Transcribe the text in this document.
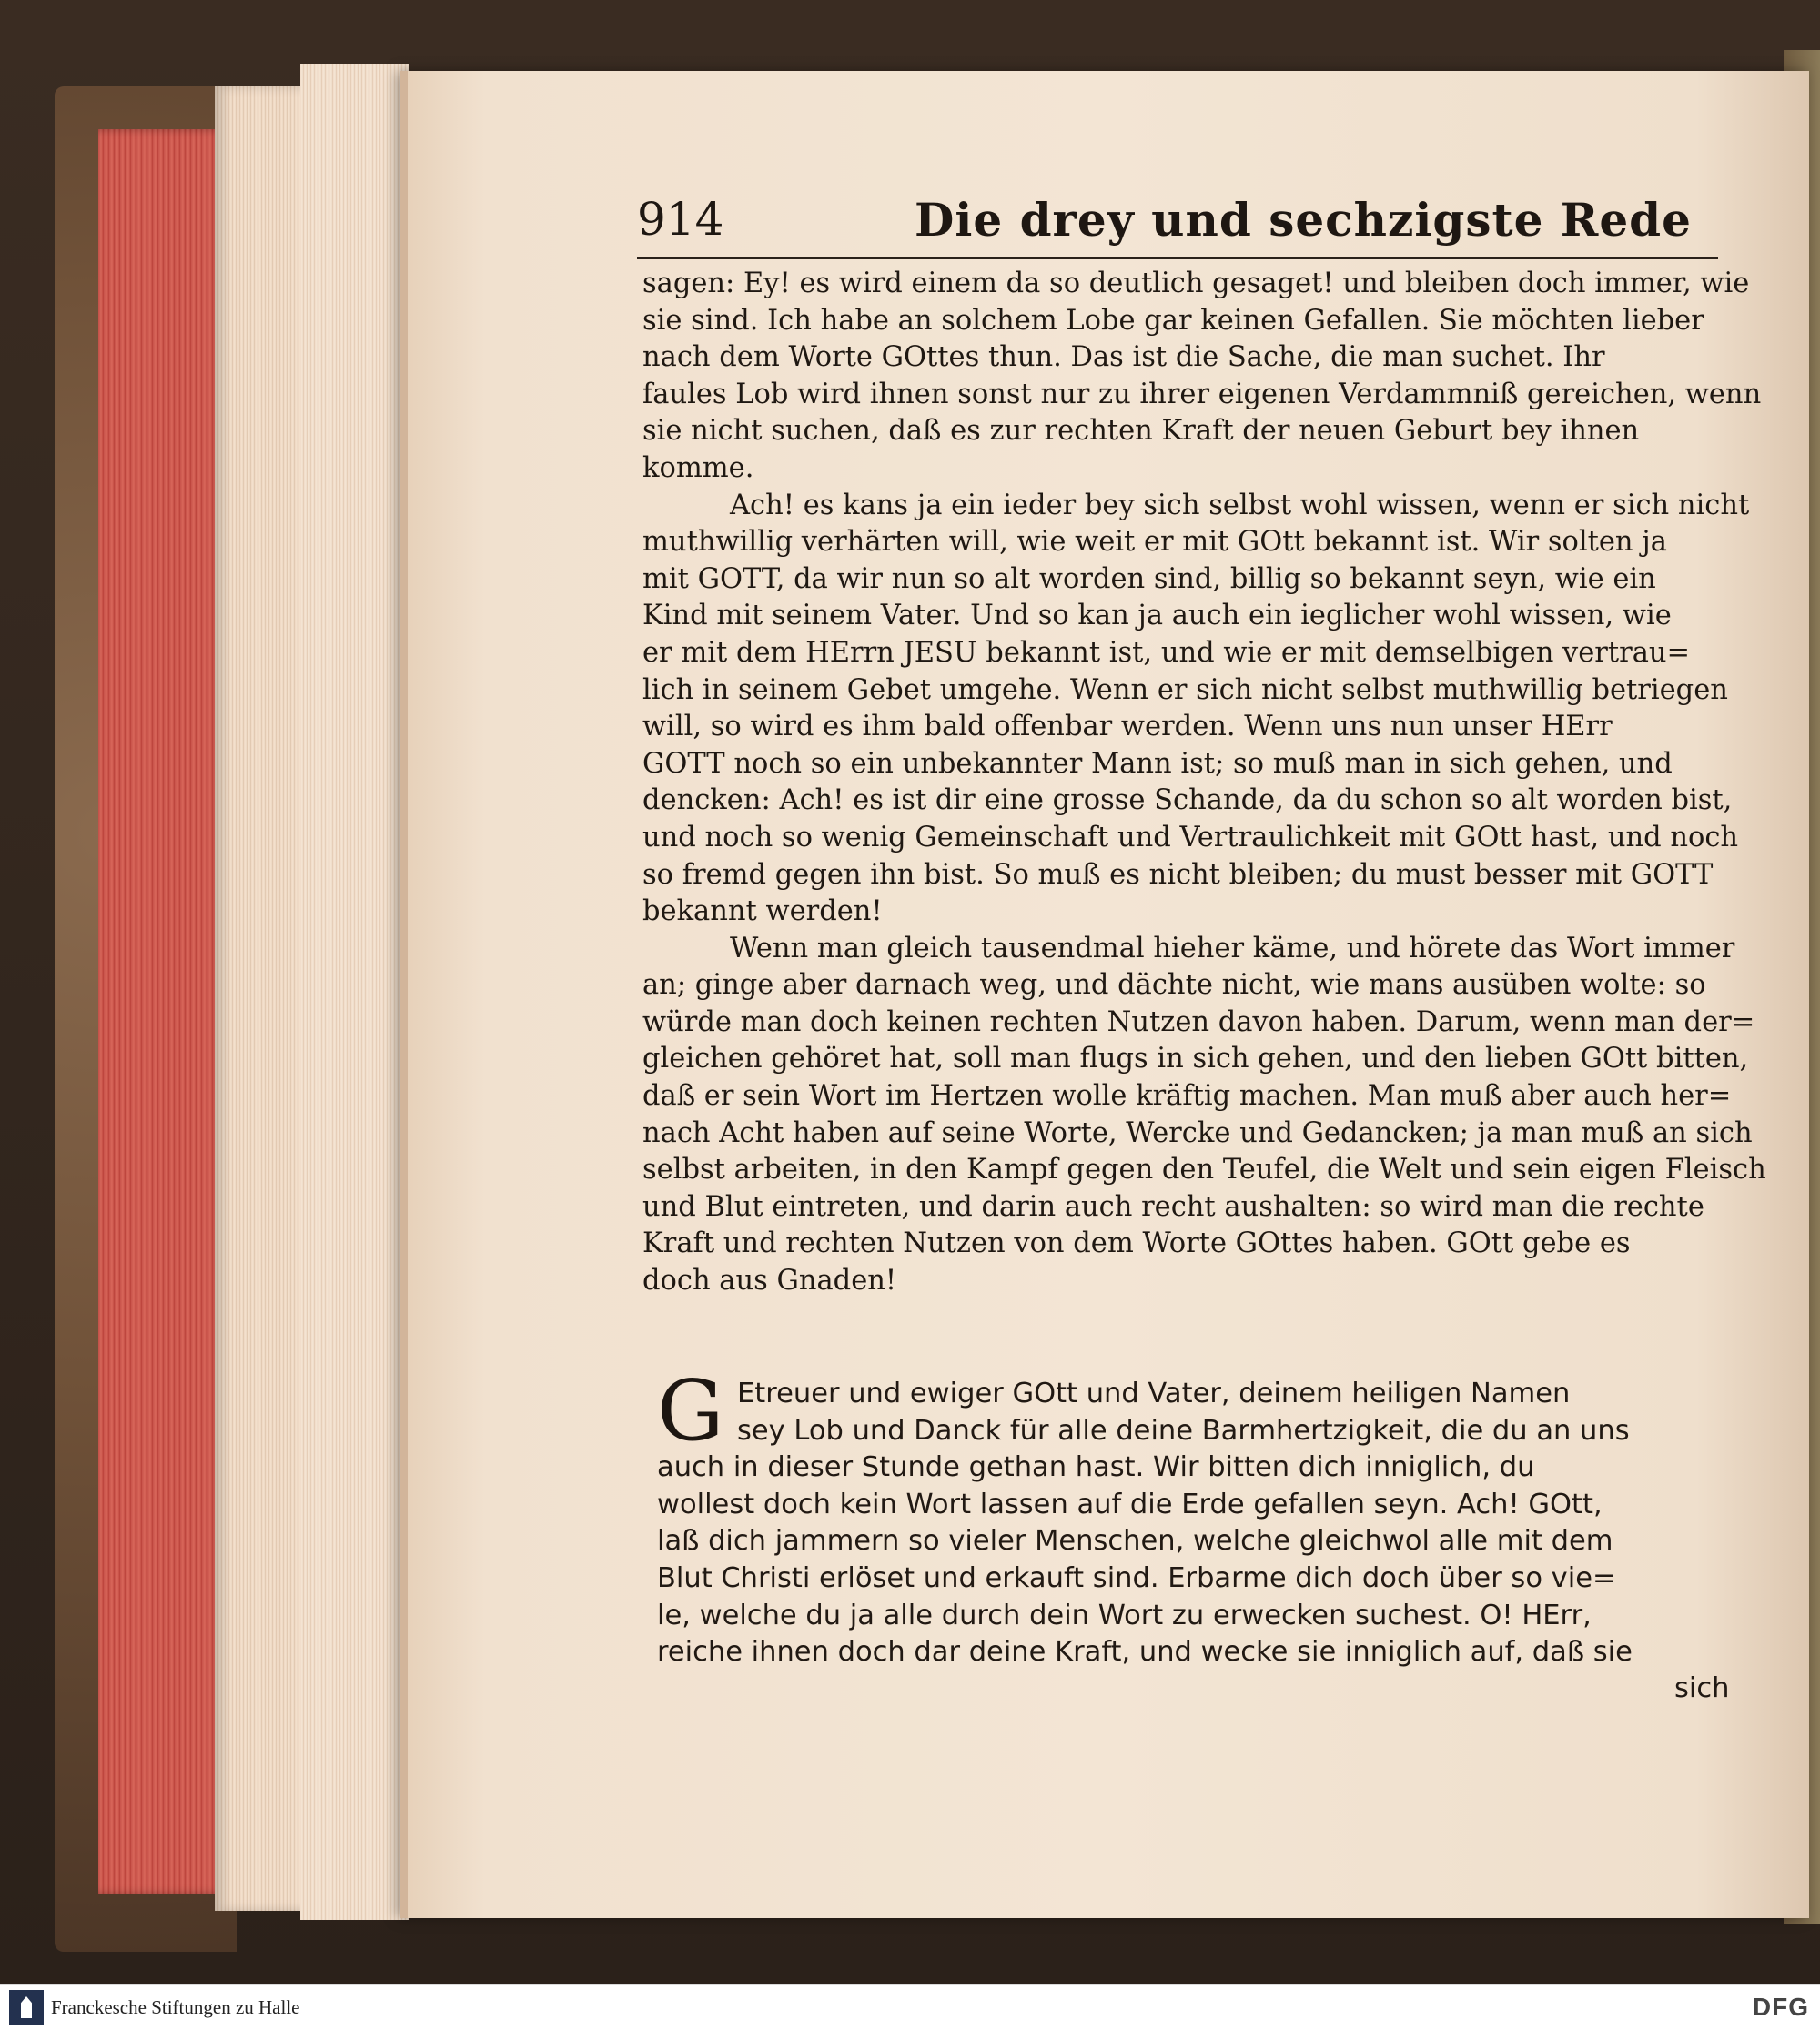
914	Die drey und sechzigste Rede

sagen: Ey! es wird einem da so deutlich gesaget! und bleiben doch immer, wie

sie sind. Ich habe an solchem Lobe gar keinen Gefallen. Sie möchten lieber

nach dem Worte GOttes thun. Das ist die Sache, die man suchet. Ihr

faules Lob wird ihnen sonst nur zu ihrer eigenen Verdammniß gereichen, wenn

sie nicht suchen, daß es zur rechten Kraft der neuen Geburt bey ihnen

komme.

Ach! es kans ja ein ieder bey sich selbst wohl wissen, wenn er sich nicht

muthwillig verhärten will, wie weit er mit GOtt bekannt ist. Wir solten ja

mit GOTT, da wir nun so alt worden sind, billig so bekannt seyn, wie ein

Kind mit seinem Vater. Und so kan ja auch ein ieglicher wohl wissen, wie

er mit dem HErrn JESU bekannt ist, und wie er mit demselbigen vertrau=

lich in seinem Gebet umgehe. Wenn er sich nicht selbst muthwillig betriegen

will, so wird es ihm bald offenbar werden. Wenn uns nun unser HErr

GOTT noch so ein unbekannter Mann ist; so muß man in sich gehen, und

dencken: Ach! es ist dir eine grosse Schande, da du schon so alt worden bist,

und noch so wenig Gemeinschaft und Vertraulichkeit mit GOtt hast, und noch

so fremd gegen ihn bist. So muß es nicht bleiben; du must besser mit GOTT

bekannt werden!

Wenn man gleich tausendmal hieher käme, und hörete das Wort immer

an; ginge aber darnach weg, und dächte nicht, wie mans ausüben wolte: so

würde man doch keinen rechten Nutzen davon haben. Darum, wenn man der=

gleichen gehöret hat, soll man flugs in sich gehen, und den lieben GOtt bitten,

daß er sein Wort im Hertzen wolle kräftig machen. Man muß aber auch her=

nach Acht haben auf seine Worte, Wercke und Gedancken; ja man muß an sich

selbst arbeiten, in den Kampf gegen den Teufel, die Welt und sein eigen Fleisch

und Blut eintreten, und darin auch recht aushalten: so wird man die rechte

Kraft und rechten Nutzen von dem Worte GOttes haben. GOtt gebe es

doch aus Gnaden!

G Etreuer und ewiger GOtt und Vater, deinem heiligen Namen

sey Lob und Danck für alle deine Barmhertzigkeit, die du an uns

auch in dieser Stunde gethan hast. Wir bitten dich inniglich, du

wollest doch kein Wort lassen auf die Erde gefallen seyn. Ach! GOtt,

laß dich jammern so vieler Menschen, welche gleichwol alle mit dem

Blut Christi erlöset und erkauft sind. Erbarme dich doch über so vie=

le, welche du ja alle durch dein Wort zu erwecken suchest. O! HErr,

reiche ihnen doch dar deine Kraft, und wecke sie inniglich auf, daß sie

sich
Franckesche Stiftungen zu Halle	DFG
